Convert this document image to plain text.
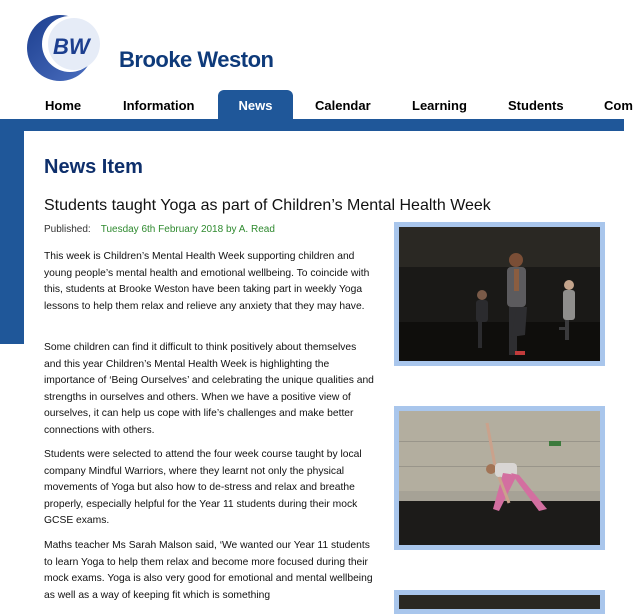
BW
Brooke Weston
Home	Information	News	Calendar	Learning	Students	Com
News Item
Students taught Yoga as part of Children’s Mental Health Week
Published: Tuesday 6th February 2018 by A. Read
This week is Children’s Mental Health Week supporting children and young people’s mental health and emotional wellbeing. To coincide with this, students at Brooke Weston have been taking part in weekly Yoga lessons to help them relax and relieve any anxiety that they may have.
Some children can find it difficult to think positively about themselves and this year Children’s Mental Health Week is highlighting the importance of ‘Being Ourselves’ and celebrating the unique qualities and strengths in ourselves and others. When we have a positive view of ourselves, it can help us cope with life’s challenges and make better connections with others.
Students were selected to attend the four week course taught by local company Mindful Warriors, where they learnt not only the physical movements of Yoga but also how to de-stress and relax and breathe properly, especially helpful for the Year 11 students during their mock GCSE exams.
Maths teacher Ms Sarah Malson said, ‘We wanted our Year 11 students to learn Yoga to help them relax and become more focused during their mock exams. Yoga is also very good for emotional and mental wellbeing as well as a way of keeping fit which is something
